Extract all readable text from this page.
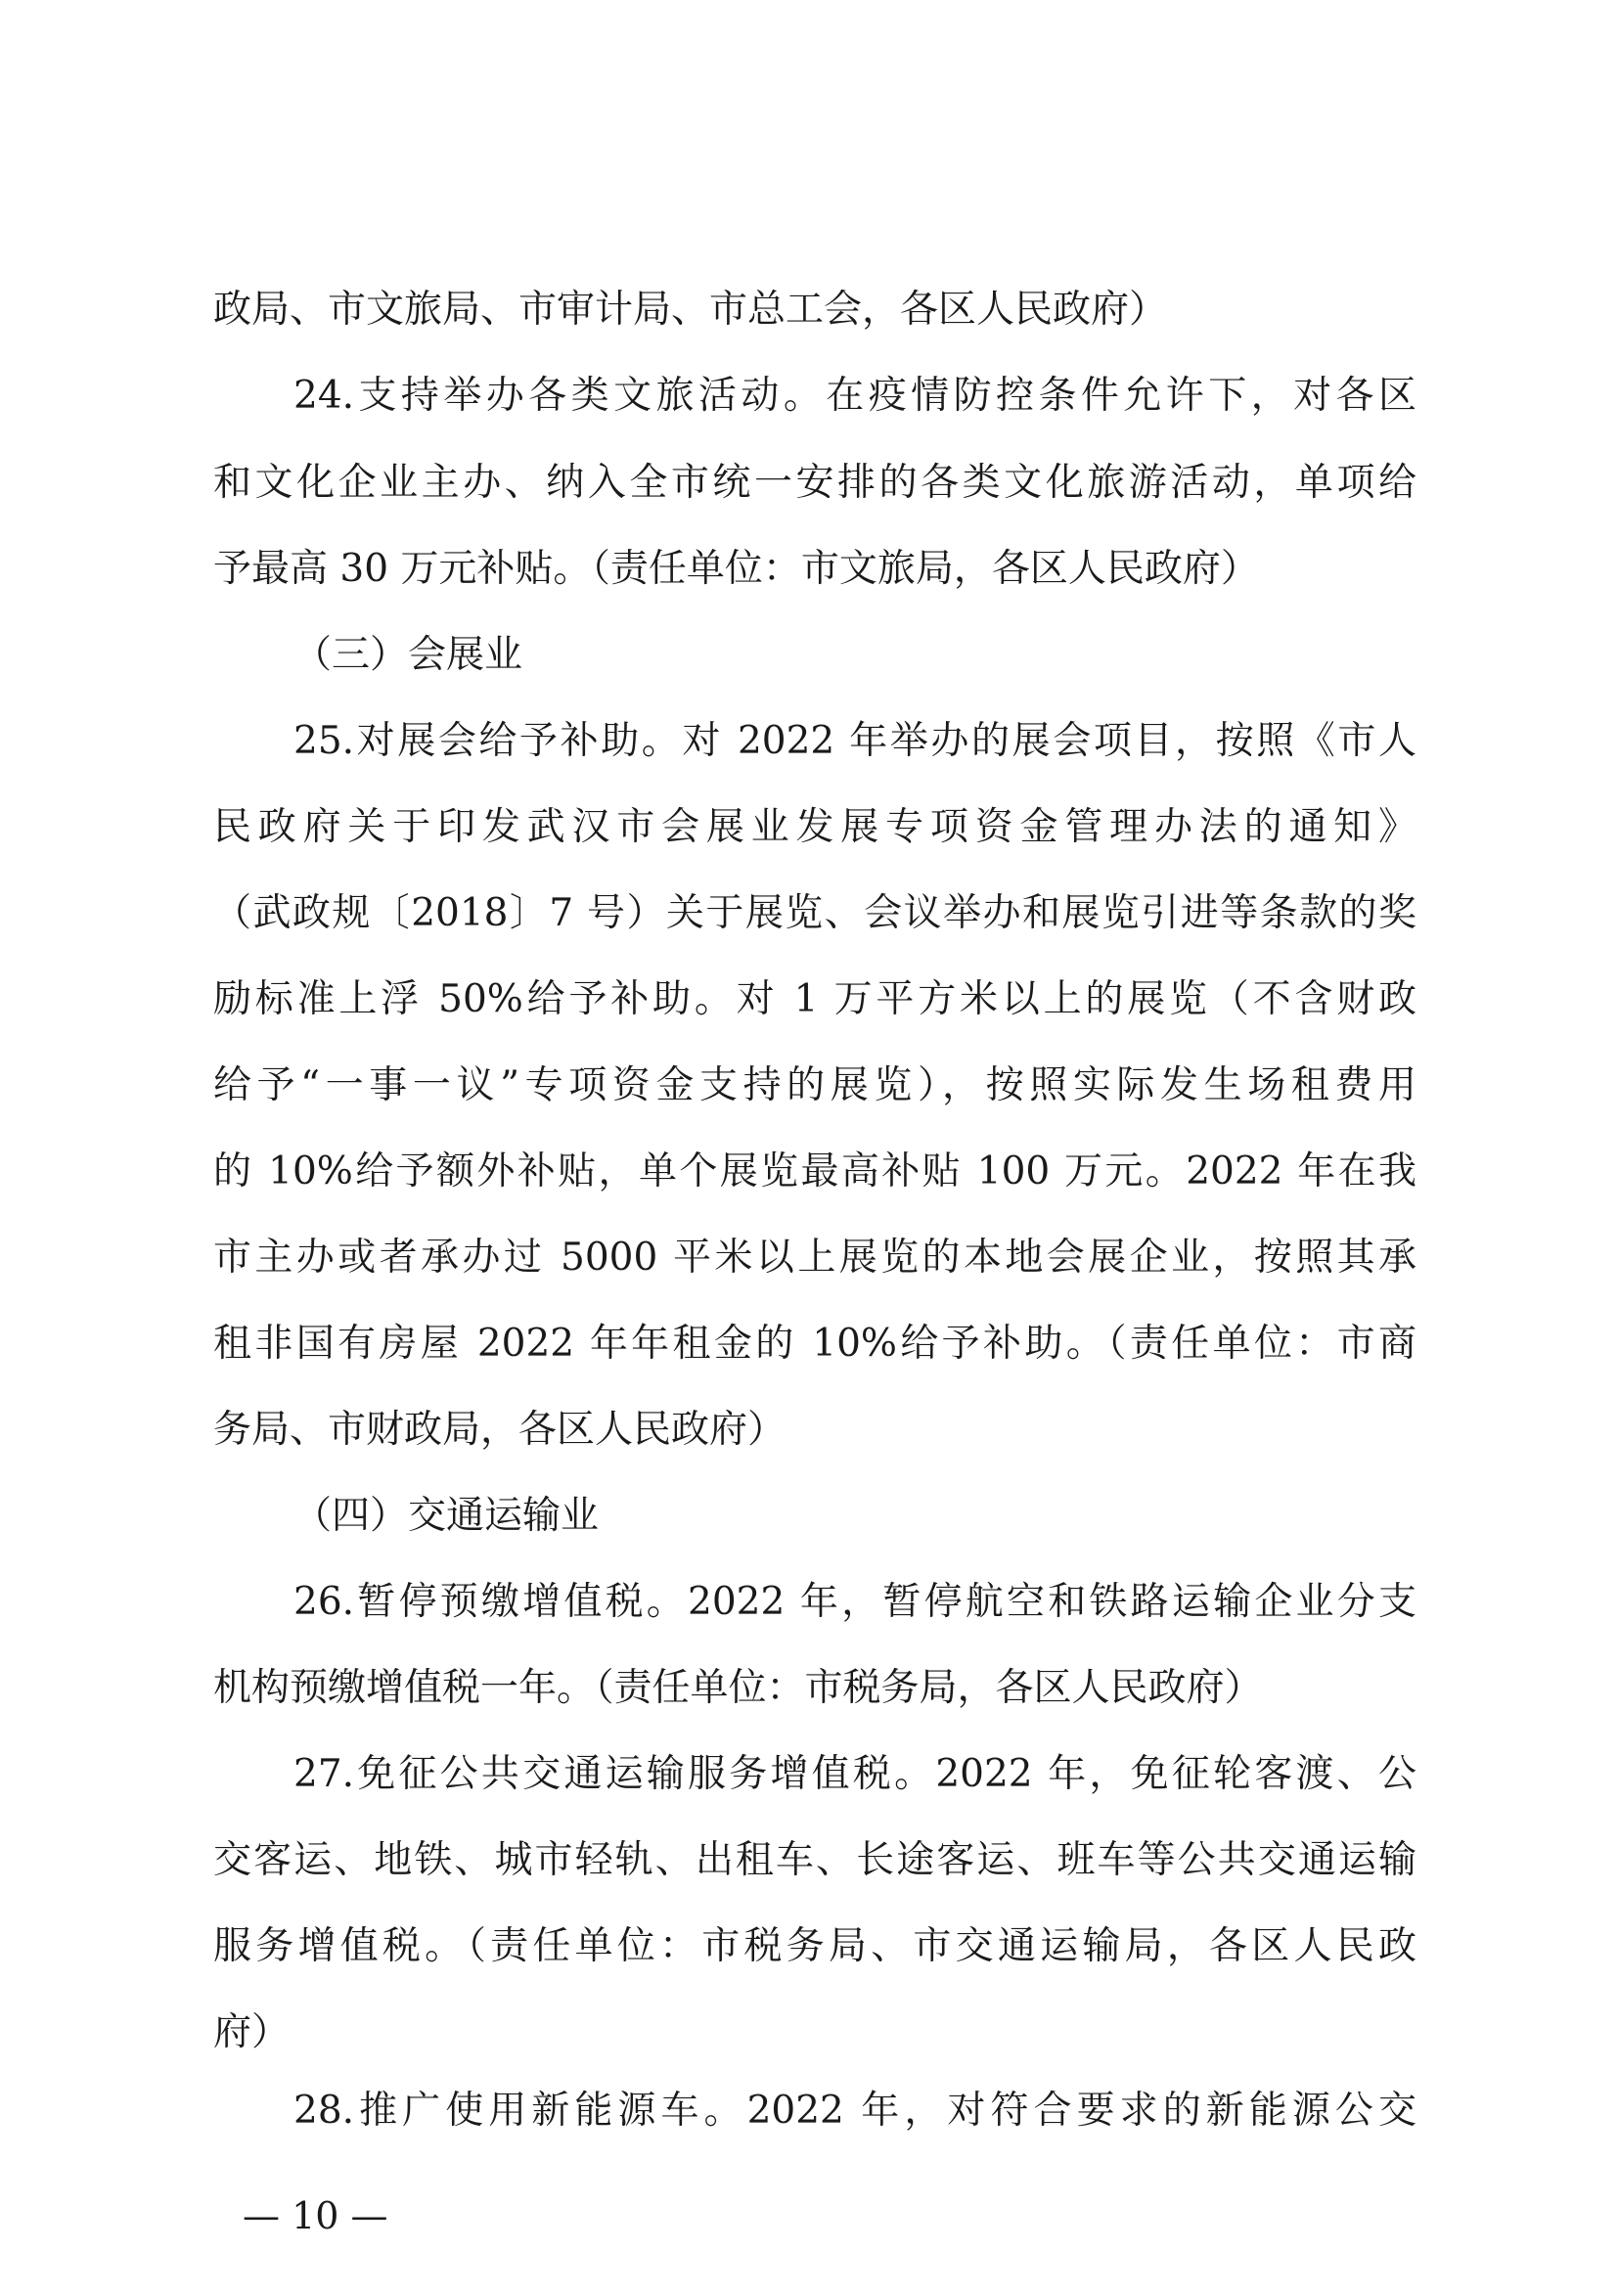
政局、市文旅局、市审计局、市总工会，各区人民政府）
24.支持举办各类文旅活动。在疫情防控条件允许下，对各区
和文化企业主办、纳入全市统一安排的各类文化旅游活动，单项给
予最高 30 万元补贴。（责任单位：市文旅局，各区人民政府）
（三）会展业
25.对展会给予补助。对 2022 年举办的展会项目，按照《市人
民政府关于印发武汉市会展业发展专项资金管理办法的通知》
（武政规〔2018〕7 号）关于展览、会议举办和展览引进等条款的奖
励标准上浮 50%给予补助。对 1 万平方米以上的展览（不含财政
给予“一事一议”专项资金支持的展览），按照实际发生场租费用
的 10%给予额外补贴，单个展览最高补贴 100 万元。2022 年在我
市主办或者承办过 5000 平米以上展览的本地会展企业，按照其承
租非国有房屋 2022 年年租金的 10%给予补助。（责任单位：市商
务局、市财政局，各区人民政府）
（四）交通运输业
26.暂停预缴增值税。2022 年，暂停航空和铁路运输企业分支
机构预缴增值税一年。（责任单位：市税务局，各区人民政府）
27.免征公共交通运输服务增值税。2022 年，免征轮客渡、公
交客运、地铁、城市轻轨、出租车、长途客运、班车等公共交通运输
服务增值税。（责任单位：市税务局、市交通运输局，各区人民政
府）
28.推广使用新能源车。2022 年，对符合要求的新能源公交
— 10 —
